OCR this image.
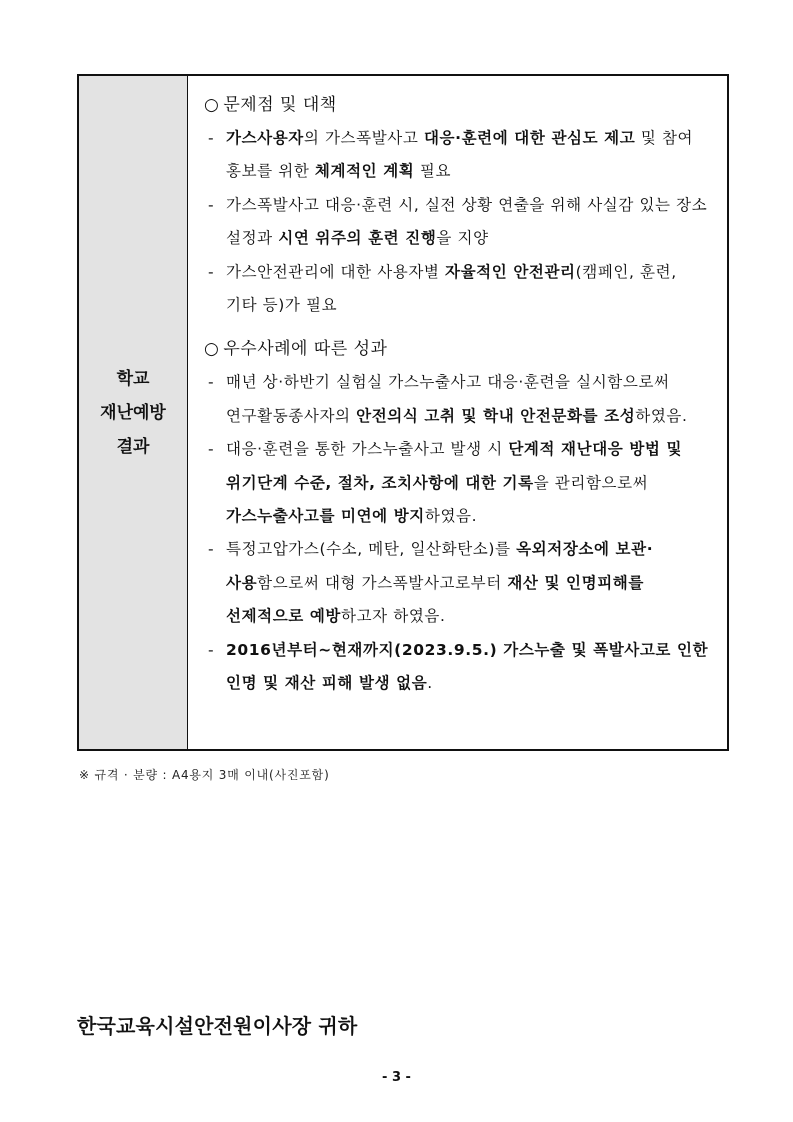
학교
재난예방
결과
○ 문제점 및 대책
- 가스사용자의 가스폭발사고 대응·훈련에 대한 관심도 제고 및 참여 홍보를 위한 체계적인 계획 필요
- 가스폭발사고 대응·훈련 시, 실전 상황 연출을 위해 사실감 있는 장소 설정과 시연 위주의 훈련 진행을 지양
- 가스안전관리에 대한 사용자별 자율적인 안전관리(캠페인, 훈련, 기타 등)가 필요
○ 우수사례에 따른 성과
- 매년 상·하반기 실험실 가스누출사고 대응·훈련을 실시함으로써 연구활동종사자의 안전의식 고취 및 학내 안전문화를 조성하였음.
- 대응·훈련을 통한 가스누출사고 발생 시 단계적 재난대응 방법 및 위기단계 수준, 절차, 조치사항에 대한 기록을 관리함으로써 가스누출사고를 미연에 방지하였음.
- 특정고압가스(수소, 메탄, 일산화탄소)를 옥외저장소에 보관·사용함으로써 대형 가스폭발사고로부터 재산 및 인명피해를 선제적으로 예방하고자 하였음.
- 2016년부터~현재까지(2023.9.5.) 가스누출 및 폭발사고로 인한 인명 및 재산 피해 발생 없음.
※ 규격 · 분량 : A4용지 3매 이내(사진포함)
한국교육시설안전원이사장 귀하
- 3 -
